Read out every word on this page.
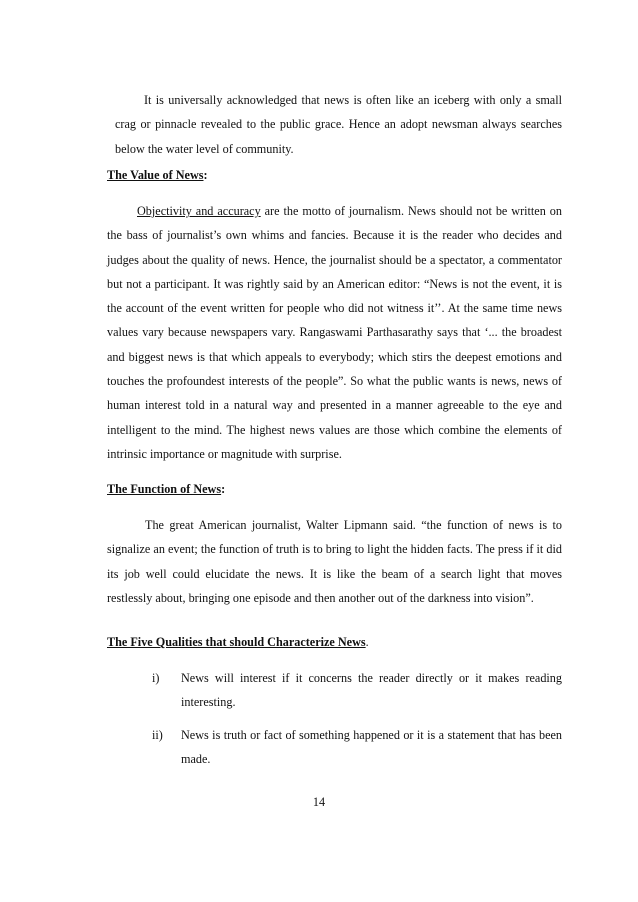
It is universally acknowledged that news is often like an iceberg with only a small crag or pinnacle revealed to the public grace. Hence an adopt newsman always searches below the water level of community.

The Value of News:

Objectivity and accuracy are the motto of journalism. News should not be written on the bass of journalist’s own whims and fancies. Because it is the reader who decides and judges about the quality of news. Hence, the journalist should be a spectator, a commentator but not a participant. It was rightly said by an American editor: “News is not the event, it is the account of the event written for people who did not witness it’’. At the same time news values vary because newspapers vary. Rangaswami Parthasarathy says that ‘... the broadest and biggest news is that which appeals to everybody; which stirs the deepest emotions and touches the profoundest interests of the people”. So what the public wants is news, news of human interest told in a natural way and presented in a manner agreeable to the eye and intelligent to the mind. The highest news values are those which combine the elements of intrinsic importance or magnitude with surprise.

The Function of News:

The great American journalist, Walter Lipmann said. “the function of news is to signalize an event; the function of truth is to bring to light the hidden facts. The press if it did its job well could elucidate the news. It is like the beam of a search light that moves restlessly about, bringing one episode and then another out of the darkness into vision”.

The Five Qualities that should Characterize News.
i)	News will interest if it concerns the reader directly or it makes reading interesting.
ii)	News is truth or fact of something happened or it is a statement that has been made.
14
